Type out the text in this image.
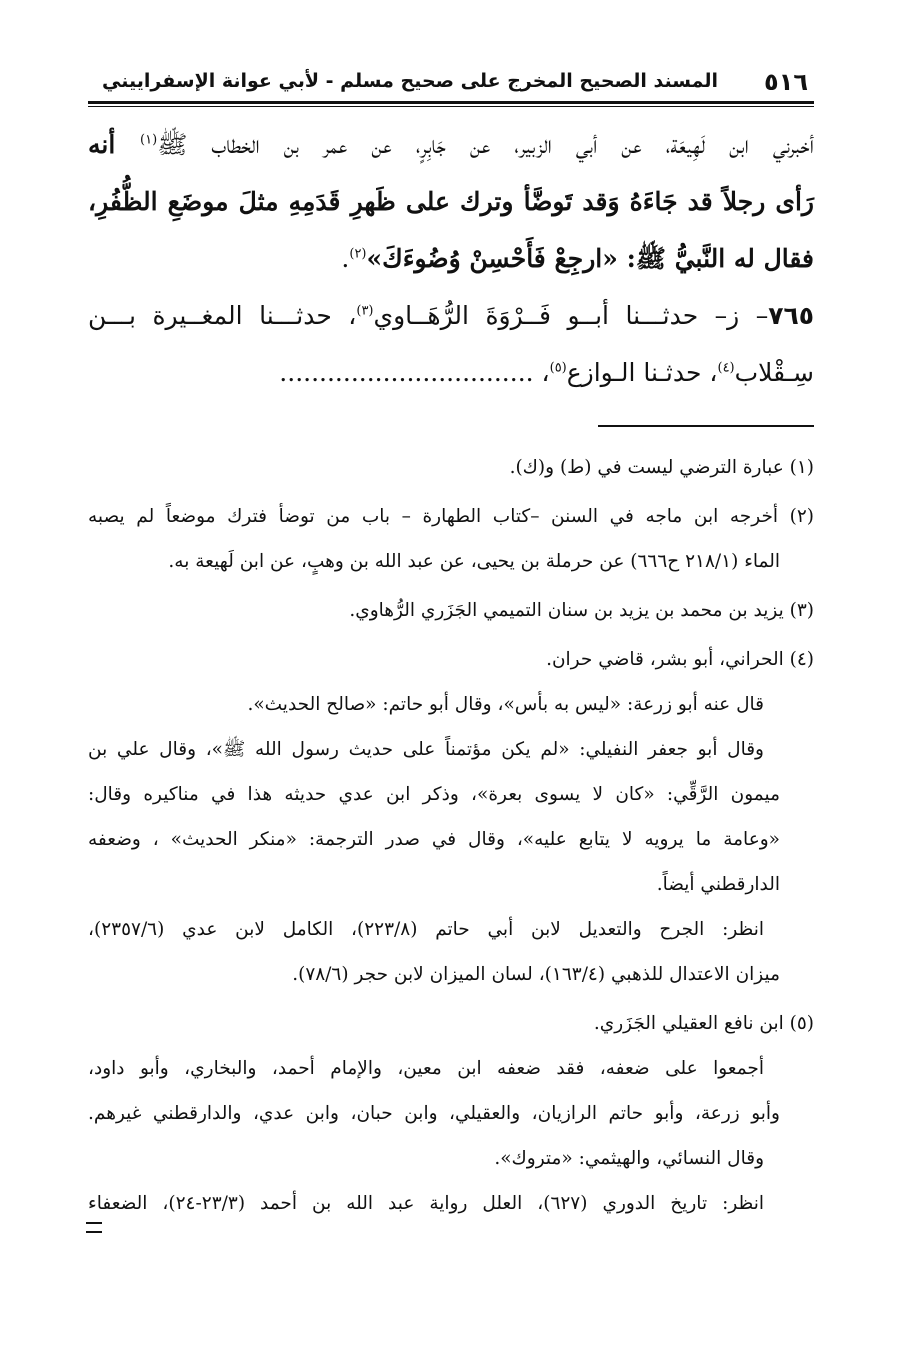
٥١٦
المسند الصحيح المخرج على صحيح مسلم - لأبي عوانة الإسفراييني
أخبرني ابن لَهِيعَة، عن أبي الزبير، عن جَابِرٍ، عن عمر بن الخطاب ﷺ$^{(١)}$ أنه
رَأى رجلاً قد جَاءَهُ وَقد تَوضَّأ وترك على ظَهرِ قَدَمِهِ مثلَ موضَعِ الظُّفُرِ،
فقال له النَّبيُّ ﷺ: «ارجِعْ فَأَحْسِنْ وُضُوءَكَ»$^{(٢)}$.
٧٦٥– ز– حدثـــنا أبــو فَــرْوَةَ الرُّهَــاوي$^{(٣)}$، حدثـــنا المغــيرة بـــن
سِـقْلاب$^{(٤)}$، حدثـنا الـوازع$^{(٥)}$، ................................
(١) عبارة الترضي ليست في (ط) و(ك).
(٢) أخرجه ابن ماجه في السنن –كتاب الطهارة – باب من توضأ فترك موضعاً لم يصبه
الماء (٢١٨/١ ح٦٦٦) عن حرملة بن يحيى، عن عبد الله بن وهبٍ، عن ابن لَهيعة به.
(٣) يزيد بن محمد بن يزيد بن سنان التميمي الجَزَري الرُّهاوي.
(٤) الحراني، أبو بشر، قاضي حران.
قال عنه أبو زرعة: «ليس به بأس»، وقال أبو حاتم: «صالح الحديث».
وقال أبو جعفر النفيلي: «لم يكن مؤتمناً على حديث رسول الله ﷺ»، وقال علي بن
ميمون الرَّقِّي: «كان لا يسوى بعرة»، وذكر ابن عدي حديثه هذا في مناكيره وقال:
«وعامة ما يرويه لا يتابع عليه»، وقال في صدر الترجمة: «منكر الحديث» ، وضعفه
الدارقطني أيضاً.
انظر: الجرح والتعديل لابن أبي حاتم (٢٢٣/٨)، الكامل لابن عدي (٢٣٥٧/٦)،
ميزان الاعتدال للذهبي (١٦٣/٤)، لسان الميزان لابن حجر (٧٨/٦).
(٥) ابن نافع العقيلي الجَزَري.
أجمعوا على ضعفه، فقد ضعفه ابن معين، والإمام أحمد، والبخاري، وأبو داود،
وأبو زرعة، وأبو حاتم الرازيان، والعقيلي، وابن حبان، وابن عدي، والدارقطني غيرهم.
وقال النسائي، والهيثمي: «متروك».
انظر: تاريخ الدوري (٦٢٧)، العلل رواية عبد الله بن أحمد (٢٣/٣-٢٤)، الضعفاء
